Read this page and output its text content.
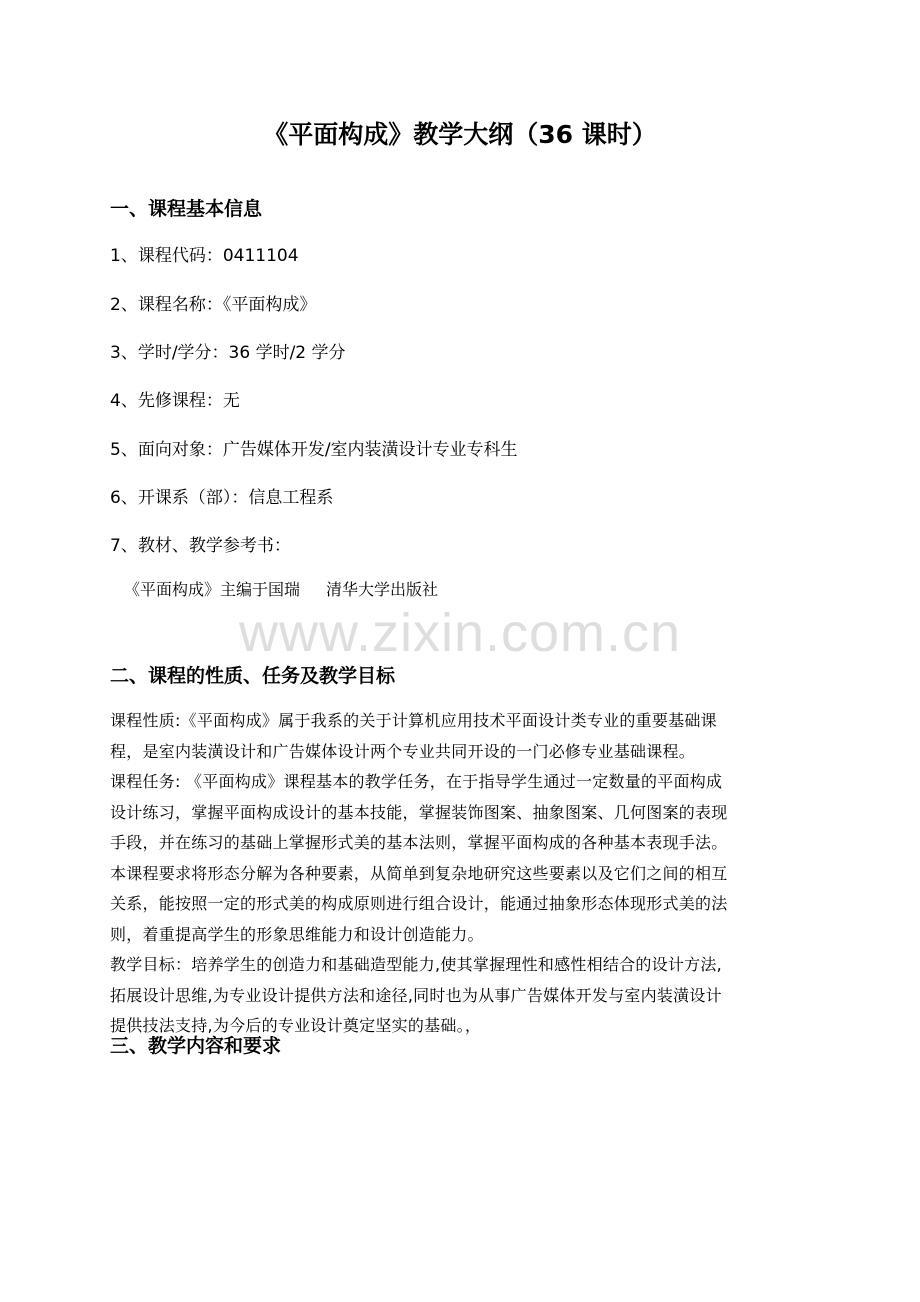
《平面构成》教学大纲（36 课时）
一、课程基本信息
1、课程代码：0411104
2、课程名称：《平面构成》
3、学时/学分：36 学时/2 学分
4、先修课程：无
5、面向对象：广告媒体开发/室内装潢设计专业专科生
6、开课系（部）：信息工程系
7、教材、教学参考书：
《平面构成》主编于国瑞 清华大学出版社
www.zixin.com.cn
二、课程的性质、任务及教学目标
课程性质:《平面构成》属于我系的关于计算机应用技术平面设计类专业的重要基础课
程，是室内装潢设计和广告媒体设计两个专业共同开设的一门必修专业基础课程。
课程任务: 《平面构成》课程基本的教学任务，在于指导学生通过一定数量的平面构成
设计练习，掌握平面构成设计的基本技能，掌握装饰图案、抽象图案、几何图案的表现
手段，并在练习的基础上掌握形式美的基本法则，掌握平面构成的各种基本表现手法。
本课程要求将形态分解为各种要素，从简单到复杂地研究这些要素以及它们之间的相互
关系，能按照一定的形式美的构成原则进行组合设计，能通过抽象形态体现形式美的法
则，着重提高学生的形象思维能力和设计创造能力。
教学目标：培养学生的创造力和基础造型能力,使其掌握理性和感性相结合的设计方法,
拓展设计思维,为专业设计提供方法和途径,同时也为从事广告媒体开发与室内装潢设计
提供技法支持,为今后的专业设计奠定坚实的基础。，
三、教学内容和要求
